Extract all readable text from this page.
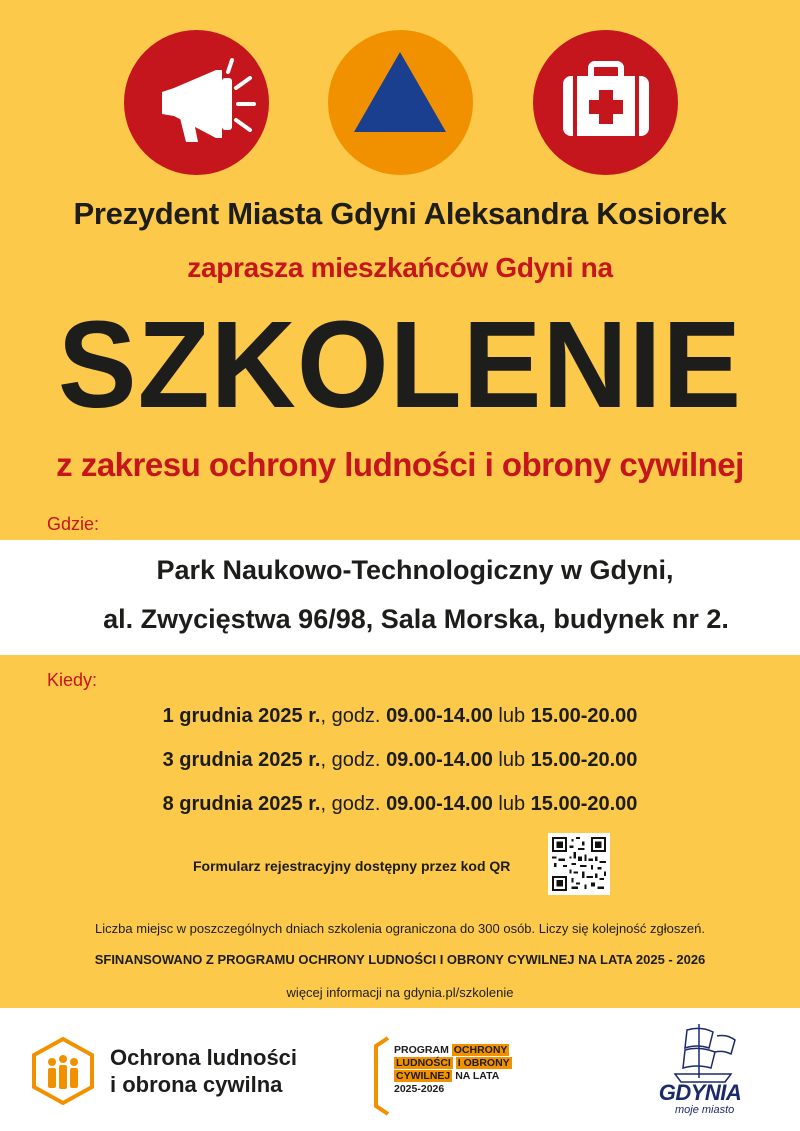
Prezydent Miasta Gdyni Aleksandra Kosiorek
zaprasza mieszkańców Gdyni na
SZKOLENIE
z zakresu ochrony ludności i obrony cywilnej
Gdzie:
Park Naukowo-Technologiczny w Gdyni,
al. Zwycięstwa 96/98, Sala Morska, budynek nr 2.
Kiedy:
1 grudnia 2025 r., godz. 09.00-14.00 lub 15.00-20.00
3 grudnia 2025 r., godz. 09.00-14.00 lub 15.00-20.00
8 grudnia 2025 r., godz. 09.00-14.00 lub 15.00-20.00
Formularz rejestracyjny dostępny przez kod QR
Liczba miejsc w poszczególnych dniach szkolenia ograniczona do 300 osób. Liczy się kolejność zgłoszeń.
SFINANSOWANO Z PROGRAMU OCHRONY LUDNOŚCI I OBRONY CYWILNEJ NA LATA 2025 - 2026
więcej informacji na gdynia.pl/szkolenie
Ochrona ludności
i obrona cywilna
PROGRAM OCHRONY
LUDNOŚCI I OBRONY
CYWILNEJ NA LATA
2025-2026	GDYNIA
moje miasto
